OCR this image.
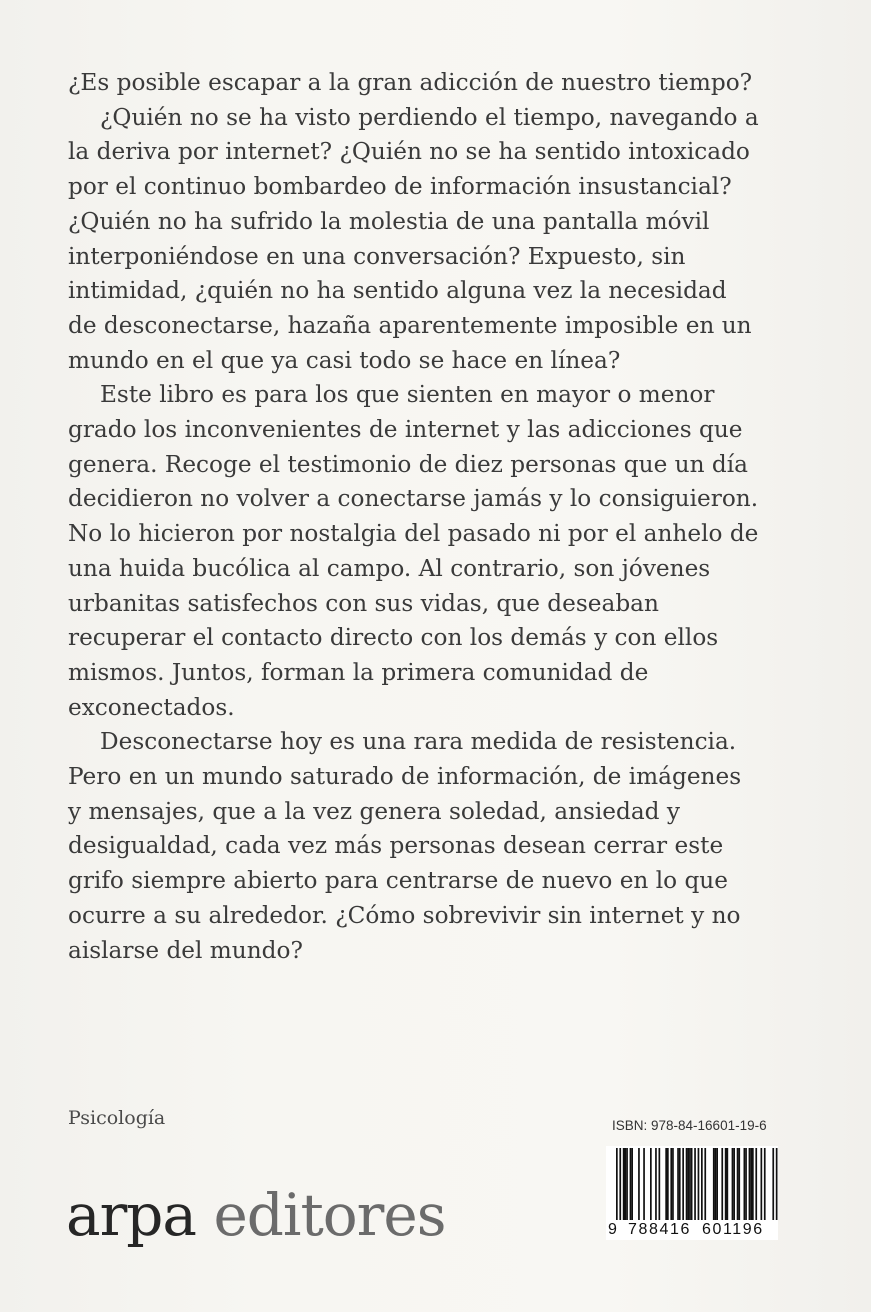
¿Es posible escapar a la gran adicción de nuestro tiempo?

¿Quién no se ha visto perdiendo el tiempo, navegando a
la deriva por internet? ¿Quién no se ha sentido intoxicado
por el continuo bombardeo de información insustancial?
¿Quién no ha sufrido la molestia de una pantalla móvil
interponiéndose en una conversación? Expuesto, sin
intimidad, ¿quién no ha sentido alguna vez la necesidad
de desconectarse, hazaña aparentemente imposible en un
mundo en el que ya casi todo se hace en línea?

Este libro es para los que sienten en mayor o menor
grado los inconvenientes de internet y las adicciones que
genera. Recoge el testimonio de diez personas que un día
decidieron no volver a conectarse jamás y lo consiguieron.
No lo hicieron por nostalgia del pasado ni por el anhelo de
una huida bucólica al campo. Al contrario, son jóvenes
urbanitas satisfechos con sus vidas, que deseaban
recuperar el contacto directo con los demás y con ellos
mismos. Juntos, forman la primera comunidad de
exconectados.

Desconectarse hoy es una rara medida de resistencia.
Pero en un mundo saturado de información, de imágenes
y mensajes, que a la vez genera soledad, ansiedad y
desigualdad, cada vez más personas desean cerrar este
grifo siempre abierto para centrarse de nuevo en lo que
ocurre a su alrededor. ¿Cómo sobrevivir sin internet y no
aislarse del mundo?

Psicología
arpa editores
ISBN: 978-84-16601-19-6
9 788416 601196
